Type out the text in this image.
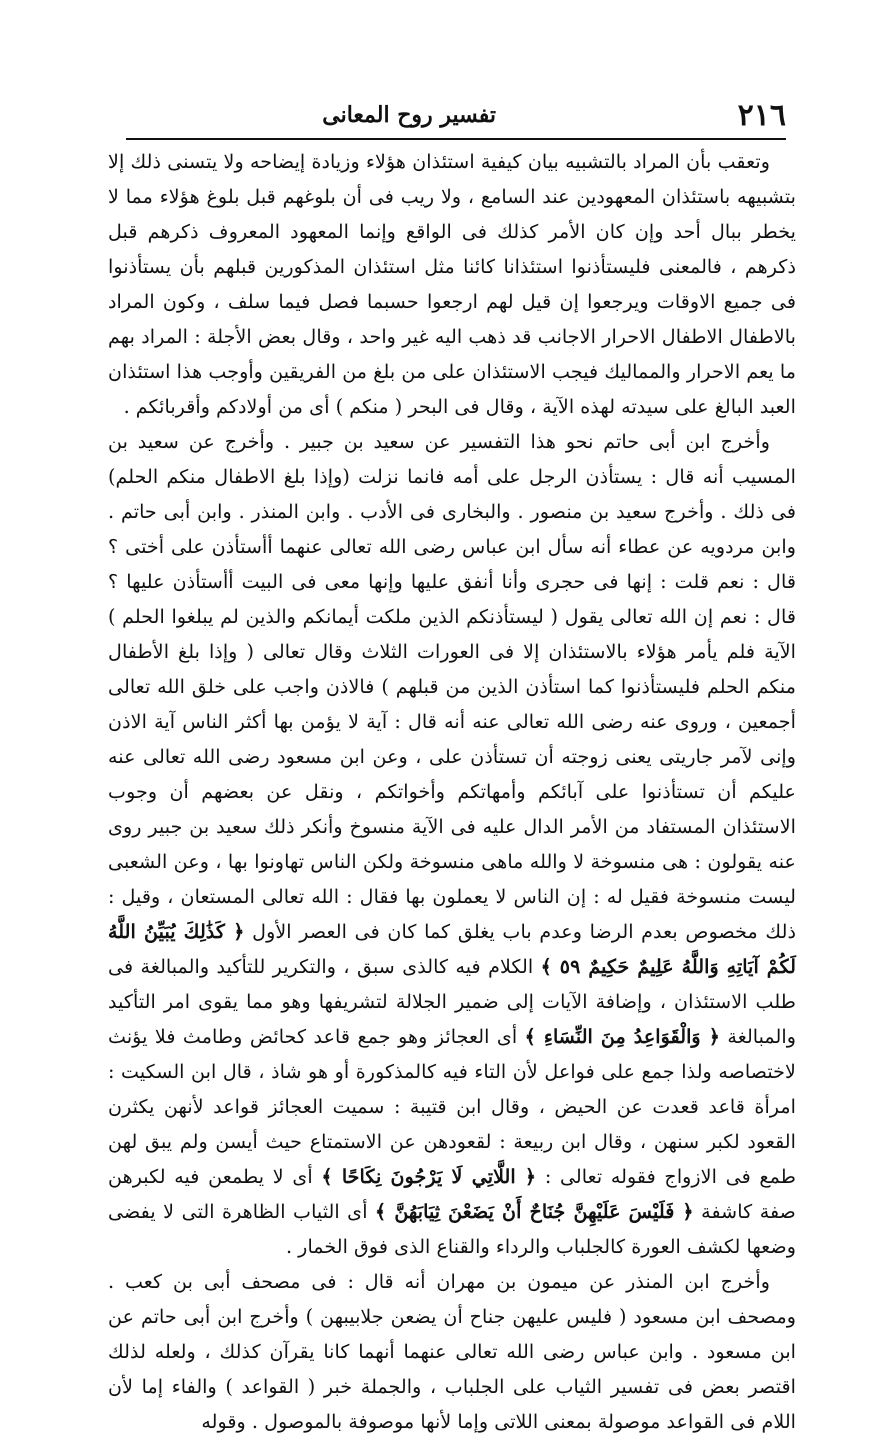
٢١٦
تفسير روح المعانى

وتعقب بأن المراد بالتشبيه بيان كيفية استئذان هؤلاء وزيادة إيضاحه ولا يتسنى ذلك إلا بتشبيهه باستئذان المعهودين عند السامع ، ولا ريب فى أن بلوغهم قبل بلوغ هؤلاء مما لا يخطر ببال أحد وإن كان الأمر كذلك فى الواقع وإنما المعهود المعروف ذكرهم قبل ذكرهم ، فالمعنى فليستأذنوا استئذانا كائنا مثل استئذان المذكورين قبلهم بأن يستأذنوا فى جميع الاوقات ويرجعوا إن قيل لهم ارجعوا حسبما فصل فيما سلف ، وكون المراد بالاطفال الاطفال الاحرار الاجانب قد ذهب اليه غير واحد ، وقال بعض الأجلة : المراد بهم ما يعم الاحرار والمماليك فيجب الاستئذان على من بلغ من الفريقين وأوجب هذا استئذان العبد البالغ على سيدته لهذه الآية ، وقال فى البحر ( منكم ) أى من أولادكم وأقربائكم .

وأخرج ابن أبى حاتم نحو هذا التفسير عن سعيد بن جبير . وأخرج عن سعيد بن المسيب أنه قال : يستأذن الرجل على أمه فانما نزلت (وإذا بلغ الاطفال منكم الحلم) فى ذلك . وأخرج سعيد بن منصور . والبخارى فى الأدب . وابن المنذر . وابن أبى حاتم . وابن مردويه عن عطاء أنه سأل ابن عباس رضى الله تعالى عنهما أأستأذن على أختى ؟ قال : نعم قلت : إنها فى حجرى وأنا أنفق عليها وإنها معى فى البيت أأستأذن عليها ؟ قال : نعم إن الله تعالى يقول ( ليستأذنكم الذين ملكت أيمانكم والذين لم يبلغوا الحلم ) الآية فلم يأمر هؤلاء بالاستئذان إلا فى العورات الثلاث وقال تعالى ( وإذا بلغ الأطفال منكم الحلم فليستأذنوا كما استأذن الذين من قبلهم ) فالاذن واجب على خلق الله تعالى أجمعين ، وروى عنه رضى الله تعالى عنه أنه قال : آية لا يؤمن بها أكثر الناس آية الاذن وإنى لآمر جاريتى يعنى زوجته أن تستأذن على ، وعن ابن مسعود رضى الله تعالى عنه عليكم أن تستأذنوا على آبائكم وأمهاتكم وأخواتكم ، ونقل عن بعضهم أن وجوب الاستئذان المستفاد من الأمر الدال عليه فى الآية منسوخ وأنكر ذلك سعيد بن جبير روى عنه يقولون : هى منسوخة لا والله ماهى منسوخة ولكن الناس تهاونوا بها ، وعن الشعبى ليست منسوخة فقيل له : إن الناس لا يعملون بها فقال : الله تعالى المستعان ، وقيل : ذلك مخصوص بعدم الرضا وعدم باب يغلق كما كان فى العصر الأول ﴿ كَذَٰلِكَ يُبَيِّنُ اللَّهُ لَكُمْ آيَاتِهِ وَاللَّهُ عَلِيمٌ حَكِيمٌ ٥٩ ﴾ الكلام فيه كالذى سبق ، والتكرير للتأكيد والمبالغة فى طلب الاستئذان ، وإضافة الآيات إلى ضمير الجلالة لتشريفها وهو مما يقوى امر التأكيد والمبالغة ﴿ وَالْقَوَاعِدُ مِنَ النِّسَاءِ ﴾ أى العجائز وهو جمع قاعد كحائض وطامث فلا يؤنث لاختصاصه ولذا جمع على فواعل لأن التاء فيه كالمذكورة أو هو شاذ ، قال ابن السكيت : امرأة قاعد قعدت عن الحيض ، وقال ابن قتيبة : سميت العجائز قواعد لأنهن يكثرن القعود لكبر سنهن ، وقال ابن ربيعة : لقعودهن عن الاستمتاع حيث أيسن ولم يبق لهن طمع فى الازواج فقوله تعالى : ﴿ اللَّاتِي لَا يَرْجُونَ نِكَاحًا ﴾ أى لا يطمعن فيه لكبرهن صفة كاشفة ﴿ فَلَيْسَ عَلَيْهِنَّ جُنَاحٌ أَنْ يَضَعْنَ ثِيَابَهُنَّ ﴾ أى الثياب الظاهرة التى لا يفضى وضعها لكشف العورة كالجلباب والرداء والقناع الذى فوق الخمار .

وأخرج ابن المنذر عن ميمون بن مهران أنه قال : فى مصحف أبى بن كعب . ومصحف ابن مسعود ( فليس عليهن جناح أن يضعن جلابيبهن ) وأخرج ابن أبى حاتم عن ابن مسعود . وابن عباس رضى الله تعالى عنهما أنهما كانا يقرآن كذلك ، ولعله لذلك اقتصر بعض فى تفسير الثياب على الجلباب ، والجملة خبر ( القواعد ) والفاء إما لأن اللام فى القواعد موصولة بمعنى اللاتى وإما لأنها موصوفة بالموصول . وقوله
